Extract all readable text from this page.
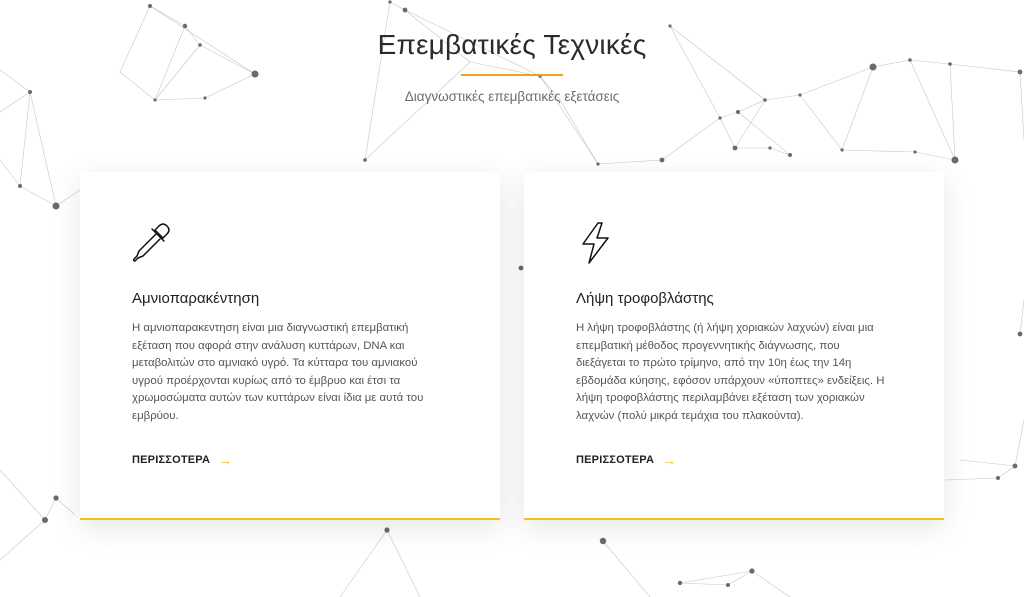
Επεμβατικές Τεχνικές
Διαγνωστικές επεμβατικές εξετάσεις
Αμνιοπαρακέντηση

Η αμνιοπαρακεντηση είναι μια διαγνωστική επεμβατική εξέταση που αφορά στην ανάλυση κυττάρων, DNA και μεταβολιτών στο αμνιακό υγρό. Τα κύτταρα του αμνιακού υγρού προέρχονται κυρίως από το έμβρυο και έτσι τα χρωμοσώματα αυτών των κυττάρων είναι ίδια με αυτά του εμβρύου.

ΠΕΡΙΣΣΟΤΕΡΑ →
Λήψη τροφοβλάστης

Η λήψη τροφοβλάστης (ή λήψη χοριακών λαχνών) είναι μια επεμβατική μέθοδος προγεννητικής διάγνωσης, που διεξάγεται το πρώτο τρίμηνο, από την 10η έως την 14η εβδομάδα κύησης, εφόσον υπάρχουν «ύποπτες» ενδείξεις. Η λήψη τροφοβλάστης περιλαμβάνει εξέταση των χοριακών λαχνών (πολύ μικρά τεμάχια του πλακούντα).

ΠΕΡΙΣΣΟΤΕΡΑ →
